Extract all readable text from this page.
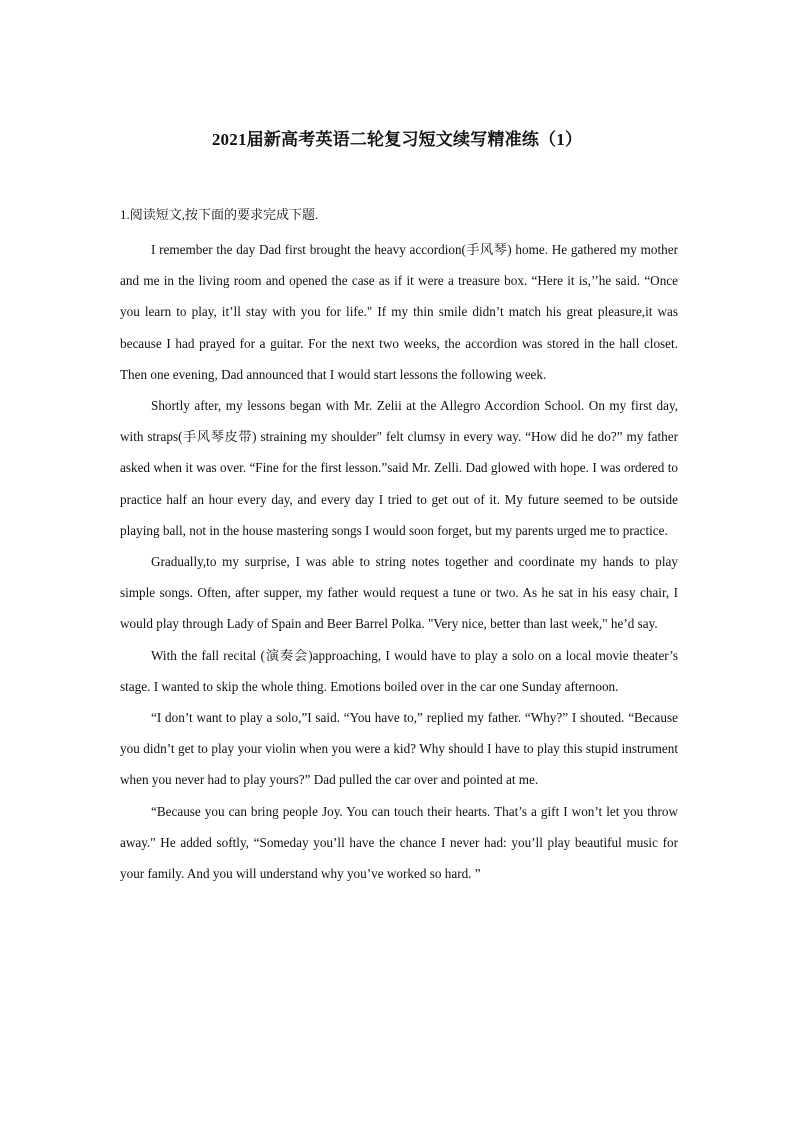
2021届新高考英语二轮复习短文续写精准练（1）
1.阅读短文,按下面的要求完成下题.

I remember the day Dad first brought the heavy accordion(手风琴) home. He gathered my mother and me in the living room and opened the case as if it were a treasure box. “Here it is,’’he said. “Once you learn to play, it’ll stay with you for life." If my thin smile didn’t match his great pleasure,it was because I had prayed for a guitar. For the next two weeks, the accordion was stored in the hall closet. Then one evening, Dad announced that I would start lessons the following week.

Shortly after, my lessons began with Mr. Zelii at the Allegro Accordion School. On my first day, with straps(手风琴皮带) straining my shoulder" felt clumsy in every way. “How did he do?” my father asked when it was over. “Fine for the first lesson.”said Mr. Zelli. Dad glowed with hope. I was ordered to practice half an hour every day, and every day I tried to get out of it. My future seemed to be outside playing ball, not in the house mastering songs I would soon forget, but my parents urged me to practice.

Gradually,to my surprise, I was able to string notes together and coordinate my hands to play simple songs. Often, after supper, my father would request a tune or two. As he sat in his easy chair, I would play through Lady of Spain and Beer Barrel Polka. "Very nice, better than last week," he’d say.

With the fall recital (演奏会)approaching, I would have to play a solo on a local movie theater’s stage. I wanted to skip the whole thing. Emotions boiled over in the car one Sunday afternoon.

“I don’t want to play a solo,”I said. “You have to,” replied my father. “Why?” I shouted. “Because you didn’t get to play your violin when you were a kid? Why should I have to play this stupid instrument when you never had to play yours?” Dad pulled the car over and pointed at me.

“Because you can bring people Joy. You can touch their hearts. That’s a gift I won’t let you throw away." He added softly, “Someday you’ll have the chance I never had: you’ll play beautiful music for your family. And you will understand why you’ve worked so hard. ”
